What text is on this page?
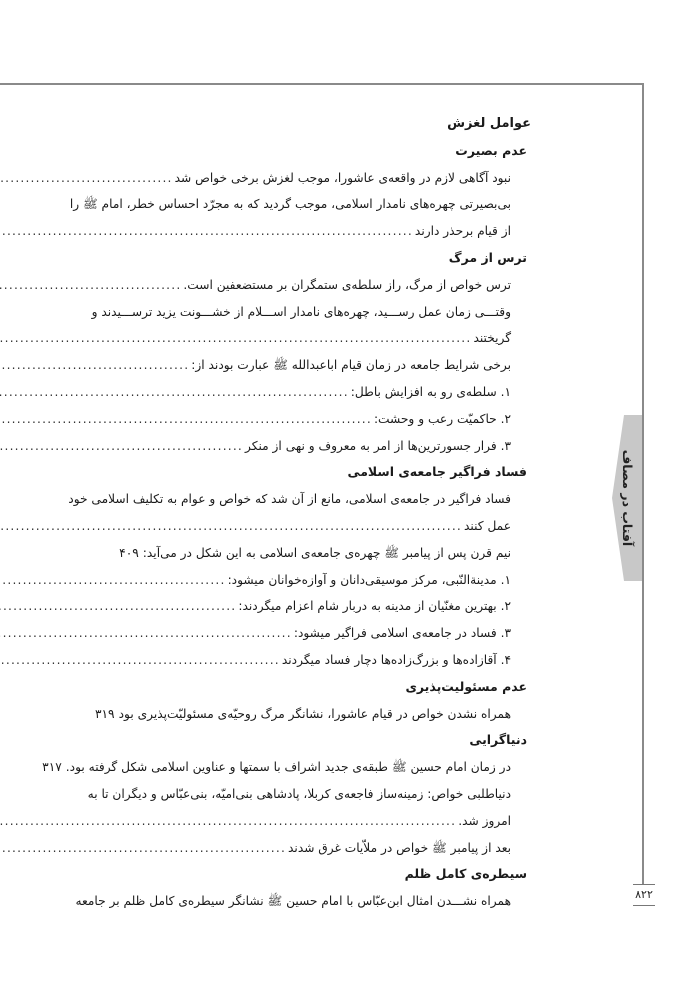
آفتاب در مصاف
۸۲۲
عوامل لغزش
عدم بصیرت
نبود آگاهی لازم در واقعه‌ی عاشورا، موجب لغزش برخی خواص شد
.....
بی‌بصیرتی چهره‌های نامدار اسلامی، موجب گردید که به مجرّد احساس خطر، امام ﷺ را
از قیام برحذر دارند
.....
ترس از مرگ
ترس خواص از مرگ، راز سلطه‌ی ستمگران بر مستضعفین است.
.....
وقتـــی زمان عمل رســـید، چهره‌های نامدار اســـلام از خشـــونت یزید ترســـیدند و
گریختند
.....
برخی شرایط جامعه در زمان قیام اباعبدالله ﷺ عبارت بودند از:
.....
۱. سلطه‌ی رو به افزایش باطل:
.....
۲. حاکمیّت رعب و وحشت:
.....
۳. فرار جسورترین‌ها از امر به معروف و نهی از منکر
.....
فساد فراگیر جامعه‌ی اسلامی
فساد فراگیر در جامعه‌ی اسلامی، مانع از آن شد که خواص و عوام به تکلیف اسلامی خود
عمل کنند
.....
نیم قرن پس از پیامبر ﷺ چهره‌ی جامعه‌ی اسلامی به این شکل در می‌آید:
۴۰۹
۱. مدینةالنّبی، مرکز موسیقی‌دانان و آوازه‌خوانان میشود:
.....
۲. بهترین مغنّیان از مدینه به دربار شام اعزام میگردند:
.....
۳. فساد در جامعه‌ی اسلامی فراگیر میشود:
.....
۴. آقازاده‌ها و بزرگ‌زاده‌ها دچار فساد میگردند
.....
عدم مسئولیت‌پذیری
همراه نشدن خواص در قیام عاشورا، نشانگر مرگ روحیّه‌ی مسئولیّت‌پذیری بود
۳۱۹
دنیاگرایی
در زمان امام حسین ﷺ طبقه‌ی جدید اشراف با سمتها و عناوین اسلامی شکل گرفته بود.
۳۱۷
دنیاطلبی خواص: زمینه‌ساز فاجعه‌ی کربلا، پادشاهی بنی‌امیّه، بنی‌عبّاس و دیگران تا به
امروز شد.
.....
بعد از پیامبر ﷺ خواص در ملاّیات غرق شدند
.....
سیطره‌ی کامل ظلم
همراه نشـــدن امثال ابن‌عبّاس با امام حسین ﷺ نشانگر سیطره‌ی کامل ظلم بر جامعه
